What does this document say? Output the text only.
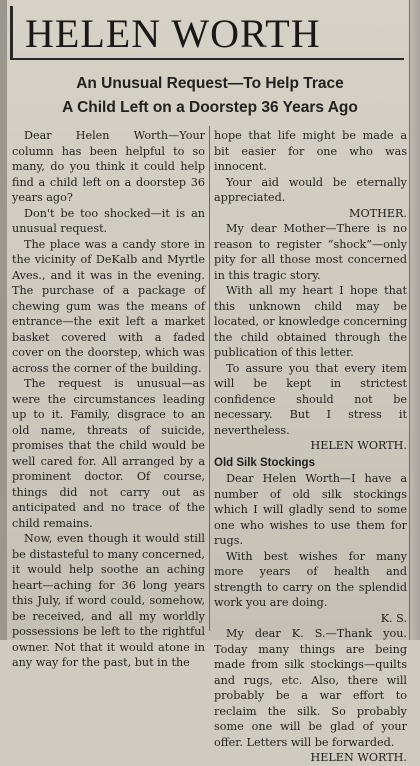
HELEN WORTH
An Unusual Request—To Help Trace
A Child Left on a Doorstep 36 Years Ago

Dear Helen Worth—Your column has been helpful to so many, do you think it could help find a child left on a doorstep 36 years ago?

Don't be too shocked—it is an unusual request.

The place was a candy store in the vicinity of DeKalb and Myrtle Aves., and it was in the evening. The purchase of a package of chewing gum was the means of entrance—the exit left a market basket covered with a faded cover on the doorstep, which was across the corner of the building.

The request is unusual—as were the circumstances leading up to it. Family, disgrace to an old name, threats of suicide, promises that the child would be well cared for. All arranged by a prominent doctor. Of course, things did not carry out as anticipated and no trace of the child remains.

Now, even though it would still be distasteful to many concerned, it would help soothe an aching heart—aching for 36 long years this July, if word could, somehow, be received, and all my worldly possessions be left to the rightful owner. Not that it would atone in any way for the past, but in the

hope that life might be made a bit easier for one who was innocent.

Your aid would be eternally appreciated.

MOTHER.

My dear Mother—There is no reason to register “shock”—only pity for all those most concerned in this tragic story.

With all my heart I hope that this unknown child may be located, or knowledge concerning the child obtained through the publication of this letter.

To assure you that every item will be kept in strictest confidence should not be necessary. But I stress it nevertheless.

HELEN WORTH.

Old Silk Stockings

Dear Helen Worth—I have a number of old silk stockings which I will gladly send to some one who wishes to use them for rugs.

With best wishes for many more years of health and strength to carry on the splendid work you are doing.

K. S.

My dear K. S.—Thank you. Today many things are being made from silk stockings—quilts and rugs, etc. Also, there will probably be a war effort to reclaim the silk. So probably some one will be glad of your offer. Letters will be forwarded.

HELEN WORTH.
